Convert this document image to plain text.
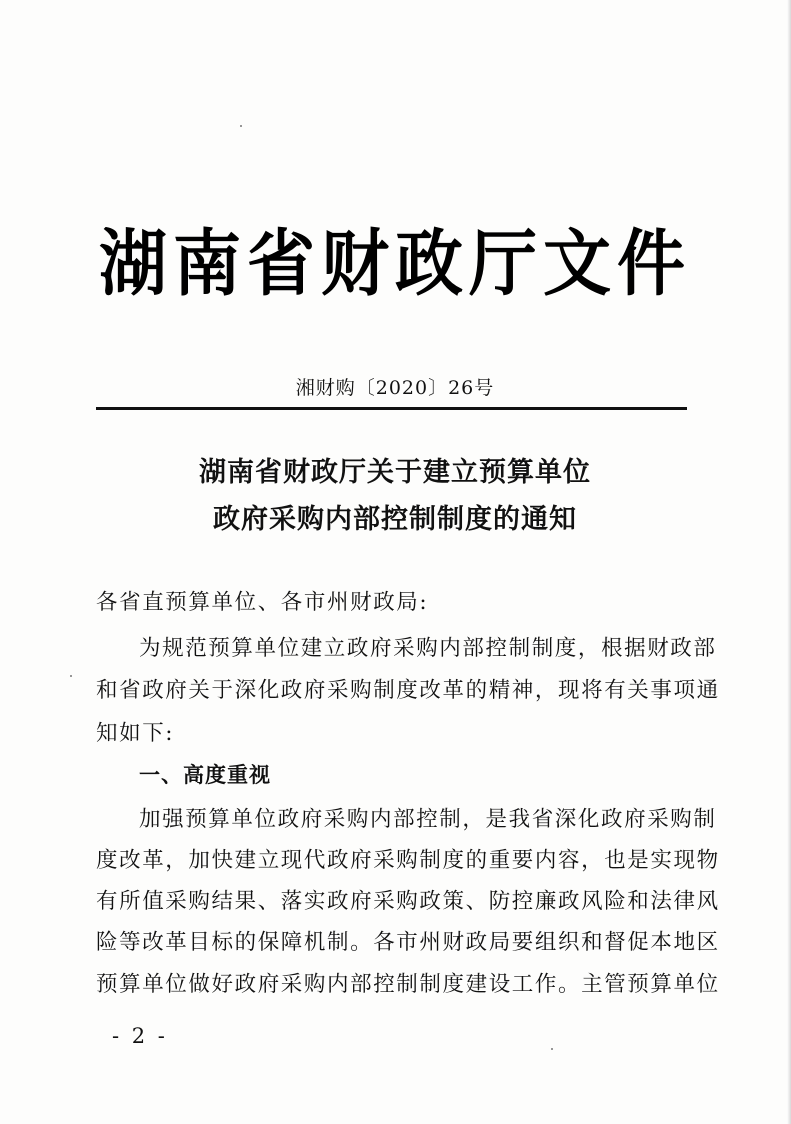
湖南省财政厅文件
湘财购〔2020〕26号
湖南省财政厅关于建立预算单位
政府采购内部控制制度的通知
各省直预算单位、各市州财政局:
为规范预算单位建立政府采购内部控制制度，根据财政部
和省政府关于深化政府采购制度改革的精神，现将有关事项通
知如下:
一、高度重视
加强预算单位政府采购内部控制，是我省深化政府采购制
度改革，加快建立现代政府采购制度的重要内容，也是实现物
有所值采购结果、落实政府采购政策、防控廉政风险和法律风
险等改革目标的保障机制。各市州财政局要组织和督促本地区
预算单位做好政府采购内部控制制度建设工作。主管预算单位
- 2 -
